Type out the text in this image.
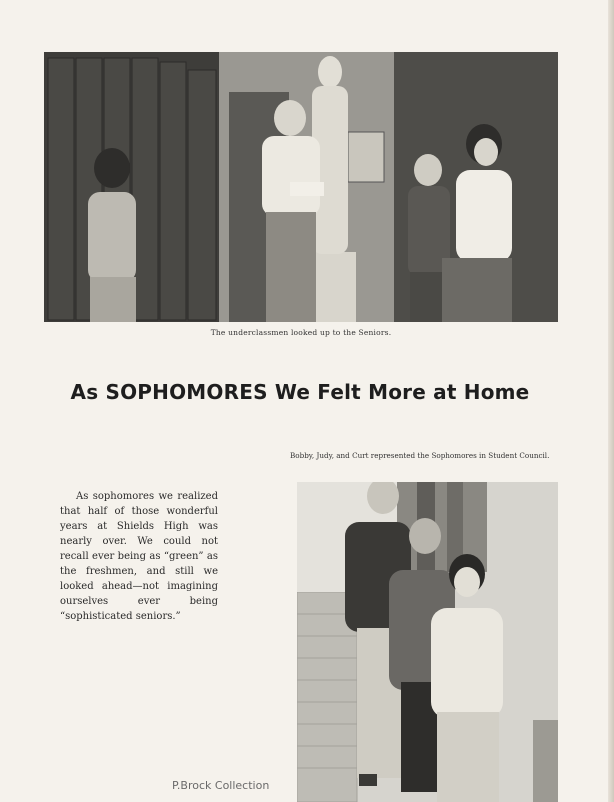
The underclassmen looked up to the Seniors.
As SOPHOMORES We Felt More at Home
Bobby, Judy, and Curt represented the Sophomores in Student Council.

As sophomores we realized that half of those wonderful years at Shields High was nearly over. We could not recall ever being as “green” as the freshmen, and still we looked ahead—not imagining ourselves ever being “sophisticated seniors.”

P.Brock Collection
